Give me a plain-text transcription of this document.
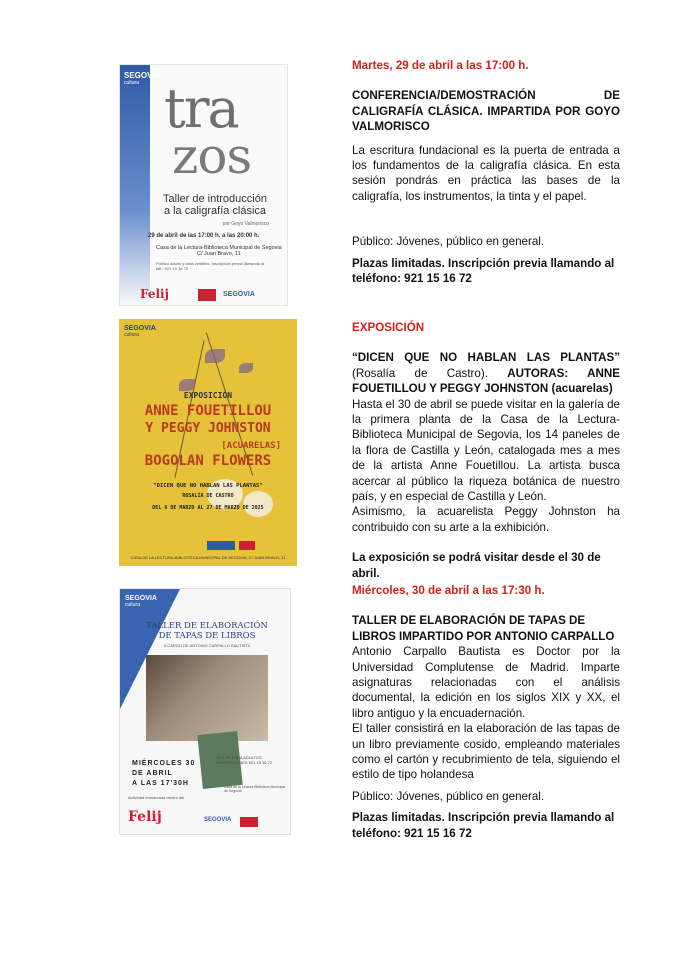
SEGOVIA
cultura tra
zos
Taller de introducción a la caligrafía clásica
por Goyo Valmorisco
29 de abril de las 17:00 h. a las 20:00 h.
Casa de la Lectura-Biblioteca Municipal de Segovia
C/ Juan Bravo, 11
Público adulto y otros ámbitos. Inscripción previa llamando al telf.: 921 15 16 72
Felij	SEGOVIA
SEGOVIA
cultura
EXPOSICIÓN
ANNE FOUETILLOU
Y PEGGY JOHNSTON
[ACUARELAS]
BOGOLAN FLOWERS
"DICEN QUE NO HABLAN LAS PLANTAS"
ROSALÍA DE CASTRO
DEL 6 DE MARZO AL 27 DE MARZO DE 2025
CASA DE LA LECTURA-BIBLIOTECA MUNICIPAL DE SEGOVIA, C/ JUAN BRAVO, 11
SEGOVIA
cultura
TALLER DE ELABORACIÓN DE TAPAS DE LIBROS
A CARGO DE ANTONIO CARPALLO BAUTISTA
MIÉRCOLES 30
DE ABRIL
A LAS 17'30H
TALLER PARA ADULTOS
INSCRIPCIONES 921 15 16 72
Casa de la Lectura Biblioteca Municipal de Segovia
Actividad enmarcada dentro del
Felij	SEGOVIA

Martes, 29 de abril a las 17:00 h.

CONFERENCIA/DEMOSTRACIÓN DE CALIGRAFÍA CLÁSICA. IMPARTIDA POR GOYO VALMORISCO

La escritura fundacional es la puerta de entrada a los fundamentos de la caligrafía clásica. En esta sesión pondrás en práctica las bases de la caligrafía, los instrumentos, la tinta y el papel.

Público: Jóvenes, público en general.

Plazas limitadas. Inscripción previa llamando al teléfono: 921 15 16 72

EXPOSICIÓN

“DICEN QUE NO HABLAN LAS PLANTAS” (Rosalía de Castro). AUTORAS: ANNE FOUETILLOU Y PEGGY JOHNSTON (acuarelas)

Hasta el 30 de abril se puede visitar en la galería de la primera planta de la Casa de la Lectura-Biblioteca Municipal de Segovia, los 14 paneles de la flora de Castilla y León, catalogada mes a mes de la artista Anne Fouetillou. La artista busca acercar al público la riqueza botánica de nuestro país, y en especial de Castilla y León.

Asimismo, la acuarelista Peggy Johnston ha contribuido con su arte a la exhibición.

La exposición se podrá visitar desde el 30 de abril.

Miércoles, 30 de abril a las 17:30 h.

TALLER DE ELABORACIÓN DE TAPAS DE LIBROS IMPARTIDO POR ANTONIO CARPALLO

Antonio Carpallo Bautista es Doctor por la Universidad Complutense de Madrid. Imparte asignaturas relacionadas con el análisis documental, la edición en los siglos XIX y XX, el libro antiguo y la encuadernación.

El taller consistirá en la elaboración de las tapas de un libro previamente cosido, empleando materiales como el cartón y recubrimiento de tela, siguiendo el estilo de tipo holandesa

Público: Jóvenes, público en general.

Plazas limitadas. Inscripción previa llamando al teléfono: 921 15 16 72
